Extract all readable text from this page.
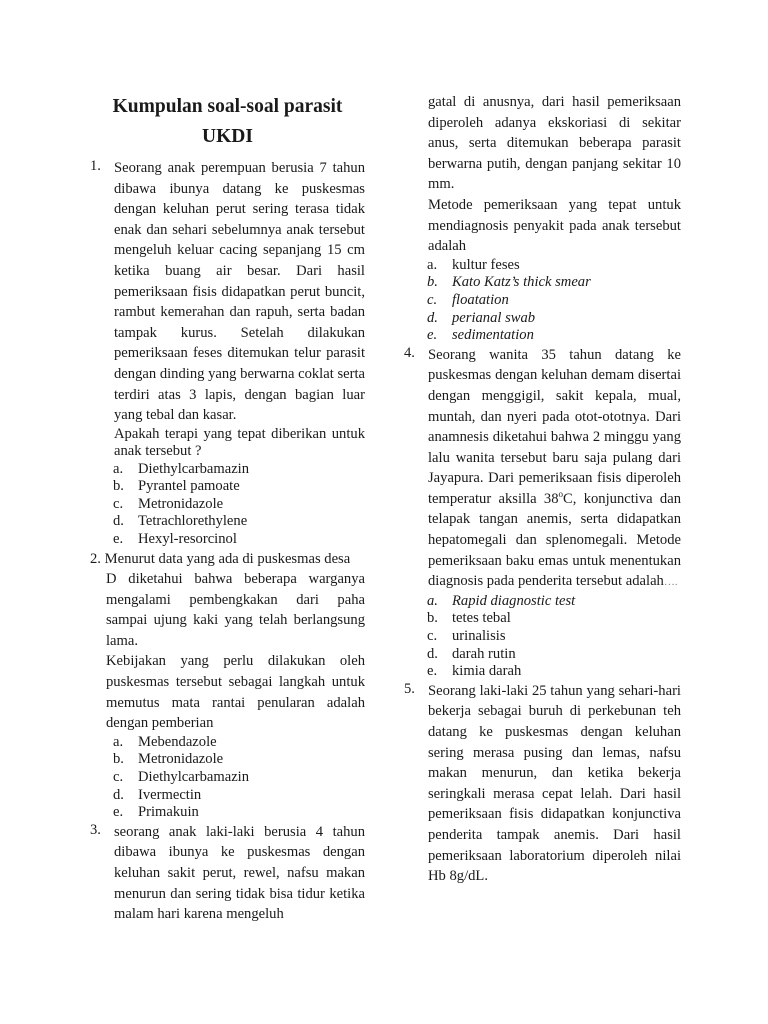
Kumpulan soal-soal parasit
UKDI
1. Seorang anak perempuan berusia 7 tahun dibawa ibunya datang ke puskesmas dengan keluhan perut sering terasa tidak enak dan sehari sebelumnya anak tersebut mengeluh keluar cacing sepanjang 15 cm ketika buang air besar. Dari hasil pemeriksaan fisis didapatkan perut buncit, rambut kemerahan dan rapuh, serta badan tampak kurus. Setelah dilakukan pemeriksaan feses ditemukan telur parasit dengan dinding yang berwarna coklat serta terdiri atas 3 lapis, dengan bagian luar yang tebal dan kasar.
Apakah terapi yang tepat diberikan untuk anak tersebut ?
a. Diethylcarbamazin
b. Pyrantel pamoate
c. Metronidazole
d. Tetrachlorethylene
e. Hexyl-resorcinol
2. Menurut data yang ada di puskesmas desa
D diketahui bahwa beberapa warganya mengalami pembengkakan dari paha sampai ujung kaki yang telah berlangsung lama.
Kebijakan yang perlu dilakukan oleh puskesmas tersebut sebagai langkah untuk memutus mata rantai penularan adalah dengan pemberian
a. Mebendazole
b. Metronidazole
c. Diethylcarbamazin
d. Ivermectin
e. Primakuin
3. seorang anak laki-laki berusia 4 tahun dibawa ibunya ke puskesmas dengan keluhan sakit perut, rewel, nafsu makan menurun dan sering tidak bisa tidur ketika malam hari karena mengeluh
gatal di anusnya, dari hasil pemeriksaan diperoleh adanya ekskoriasi di sekitar anus, serta ditemukan beberapa parasit berwarna putih, dengan panjang sekitar 10 mm.
Metode pemeriksaan yang tepat untuk mendiagnosis penyakit pada anak tersebut adalah
a. kultur feses
b. Kato Katz’s thick smear
c. floatation
d. perianal swab
e. sedimentation
4. Seorang wanita 35 tahun datang ke puskesmas dengan keluhan demam disertai dengan menggigil, sakit kepala, mual, muntah, dan nyeri pada otot-ototnya. Dari anamnesis diketahui bahwa 2 minggu yang lalu wanita tersebut baru saja pulang dari Jayapura. Dari pemeriksaan fisis diperoleh temperatur aksilla 38$^o$C, konjunctiva dan telapak tangan anemis, serta didapatkan hepatomegali dan splenomegali. Metode pemeriksaan baku emas untuk menentukan diagnosis pada penderita tersebut adalah….
a. Rapid diagnostic test
b. tetes tebal
c. urinalisis
d. darah rutin
e. kimia darah
5. Seorang laki-laki 25 tahun yang sehari-hari bekerja sebagai buruh di perkebunan teh datang ke puskesmas dengan keluhan sering merasa pusing dan lemas, nafsu makan menurun, dan ketika bekerja seringkali merasa cepat lelah. Dari hasil pemeriksaan fisis didapatkan konjunctiva penderita tampak anemis. Dari hasil pemeriksaan laboratorium diperoleh nilai Hb 8g/dL.
